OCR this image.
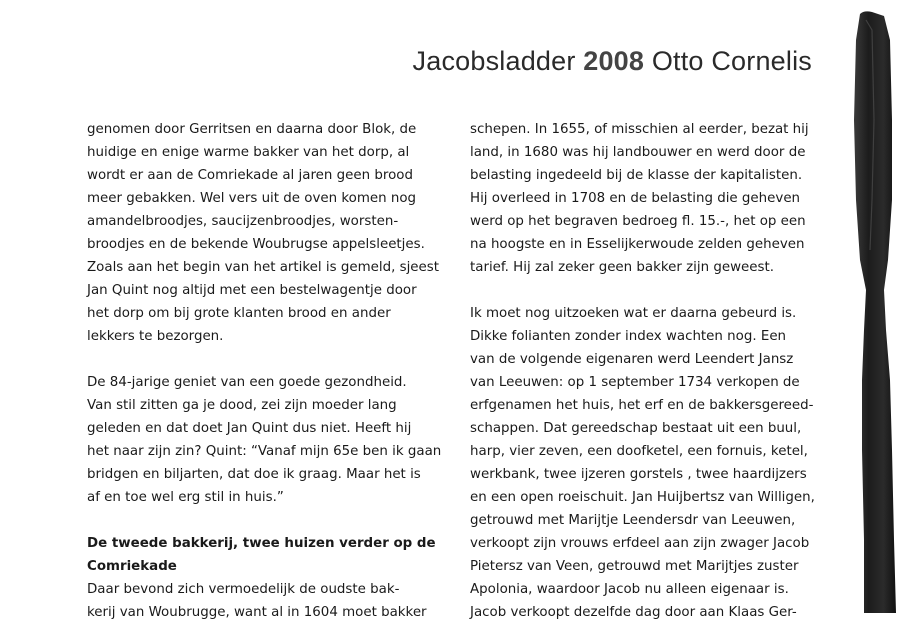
Jacobsladder 2008 Otto Cornelis
genomen door Gerritsen en daarna door Blok, de
huidige en enige warme bakker van het dorp, al
wordt er aan de Comriekade al jaren geen brood
meer gebakken. Wel vers uit de oven komen nog
amandelbroodjes, saucijzenbroodjes, worsten-
broodjes en de bekende Woubrugse appelsleetjes.
Zoals aan het begin van het artikel is gemeld, sjeest
Jan Quint nog altijd met een bestelwagentje door
het dorp om bij grote klanten brood en ander
lekkers te bezorgen.
De 84-jarige geniet van een goede gezondheid.
Van stil zitten ga je dood, zei zijn moeder lang
geleden en dat doet Jan Quint dus niet. Heeft hij
het naar zijn zin? Quint: “Vanaf mijn 65e ben ik gaan
bridgen en biljarten, dat doe ik graag. Maar het is
af en toe wel erg stil in huis.”
De tweede bakkerij, twee huizen verder op de
Comriekade
Daar bevond zich vermoedelijk de oudste bak-
kerij van Woubrugge, want al in 1604 moet bakker
schepen. In 1655, of misschien al eerder, bezat hij
land, in 1680 was hij landbouwer en werd door de
belasting ingedeeld bij de klasse der kapitalisten.
Hij overleed in 1708 en de belasting die geheven
werd op het begraven bedroeg fl. 15.-, het op een
na hoogste en in Esselijkerwoude zelden geheven
tarief. Hij zal zeker geen bakker zijn geweest.
Ik moet nog uitzoeken wat er daarna gebeurd is.
Dikke folianten zonder index wachten nog. Een
van de volgende eigenaren werd Leendert Jansz
van Leeuwen: op 1 september 1734 verkopen de
erfgenamen het huis, het erf en de bakkersgereed-
schappen. Dat gereedschap bestaat uit een buul,
harp, vier zeven, een doofketel, een fornuis, ketel,
werkbank, twee ijzeren gorstels , twee haardijzers
en een open roeischuit. Jan Huijbertsz van Willigen,
getrouwd met Marijtje Leendersdr van Leeuwen,
verkoopt zijn vrouws erfdeel aan zijn zwager Jacob
Pietersz van Veen, getrouwd met Marijtjes zuster
Apolonia, waardoor Jacob nu alleen eigenaar is.
Jacob verkoopt dezelfde dag door aan Klaas Ger-
